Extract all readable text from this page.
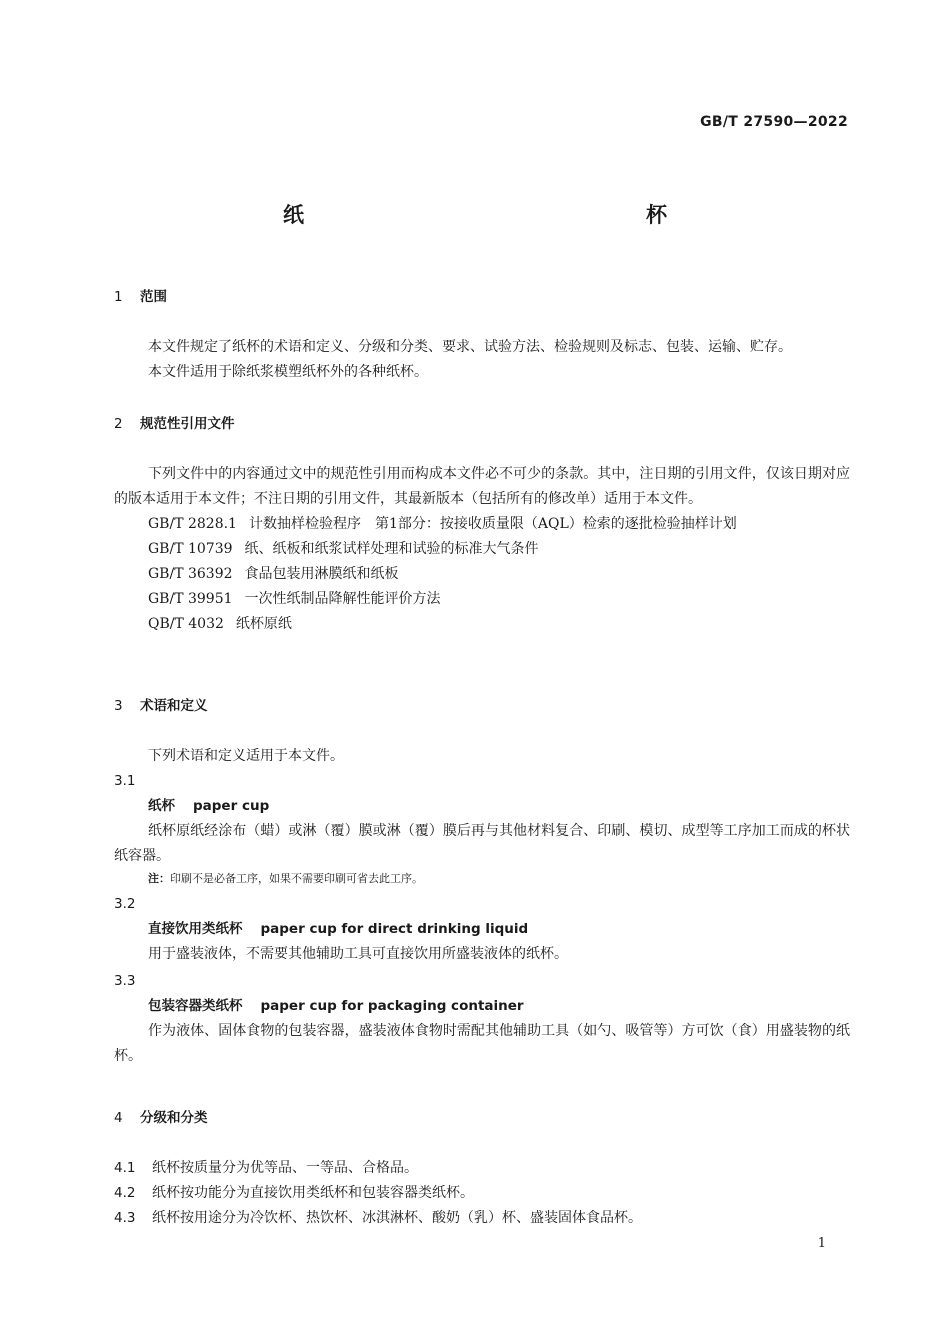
GB/T 27590—2022
纸　　杯
1 范围

本文件规定了纸杯的术语和定义、分级和分类、要求、试验方法、检验规则及标志、包装、运输、贮存。

本文件适用于除纸浆模塑纸杯外的各种纸杯。

2 规范性引用文件

下列文件中的内容通过文中的规范性引用而构成本文件必不可少的条款。其中，注日期的引用文件，仅该日期对应的版本适用于本文件；不注日期的引用文件，其最新版本（包括所有的修改单）适用于本文件。

GB/T 2828.1 计数抽样检验程序　第1部分：按接收质量限（AQL）检索的逐批检验抽样计划

GB/T 10739 纸、纸板和纸浆试样处理和试验的标准大气条件

GB/T 36392 食品包装用淋膜纸和纸板

GB/T 39951 一次性纸制品降解性能评价方法

QB/T 4032 纸杯原纸

3 术语和定义

下列术语和定义适用于本文件。

3.1
纸杯 paper cup

纸杯原纸经涂布（蜡）或淋（覆）膜或淋（覆）膜后再与其他材料复合、印刷、模切、成型等工序加工而成的杯状纸容器。

注：印刷不是必备工序，如果不需要印刷可省去此工序。
3.2
直接饮用类纸杯 paper cup for direct drinking liquid

用于盛装液体，不需要其他辅助工具可直接饮用所盛装液体的纸杯。

3.3
包装容器类纸杯 paper cup for packaging container

作为液体、固体食物的包装容器，盛装液体食物时需配其他辅助工具（如勺、吸管等）方可饮（食）用盛装物的纸杯。

4 分级和分类

4.1 纸杯按质量分为优等品、一等品、合格品。

4.2 纸杯按功能分为直接饮用类纸杯和包装容器类纸杯。

4.3 纸杯按用途分为冷饮杯、热饮杯、冰淇淋杯、酸奶（乳）杯、盛装固体食品杯。

1
